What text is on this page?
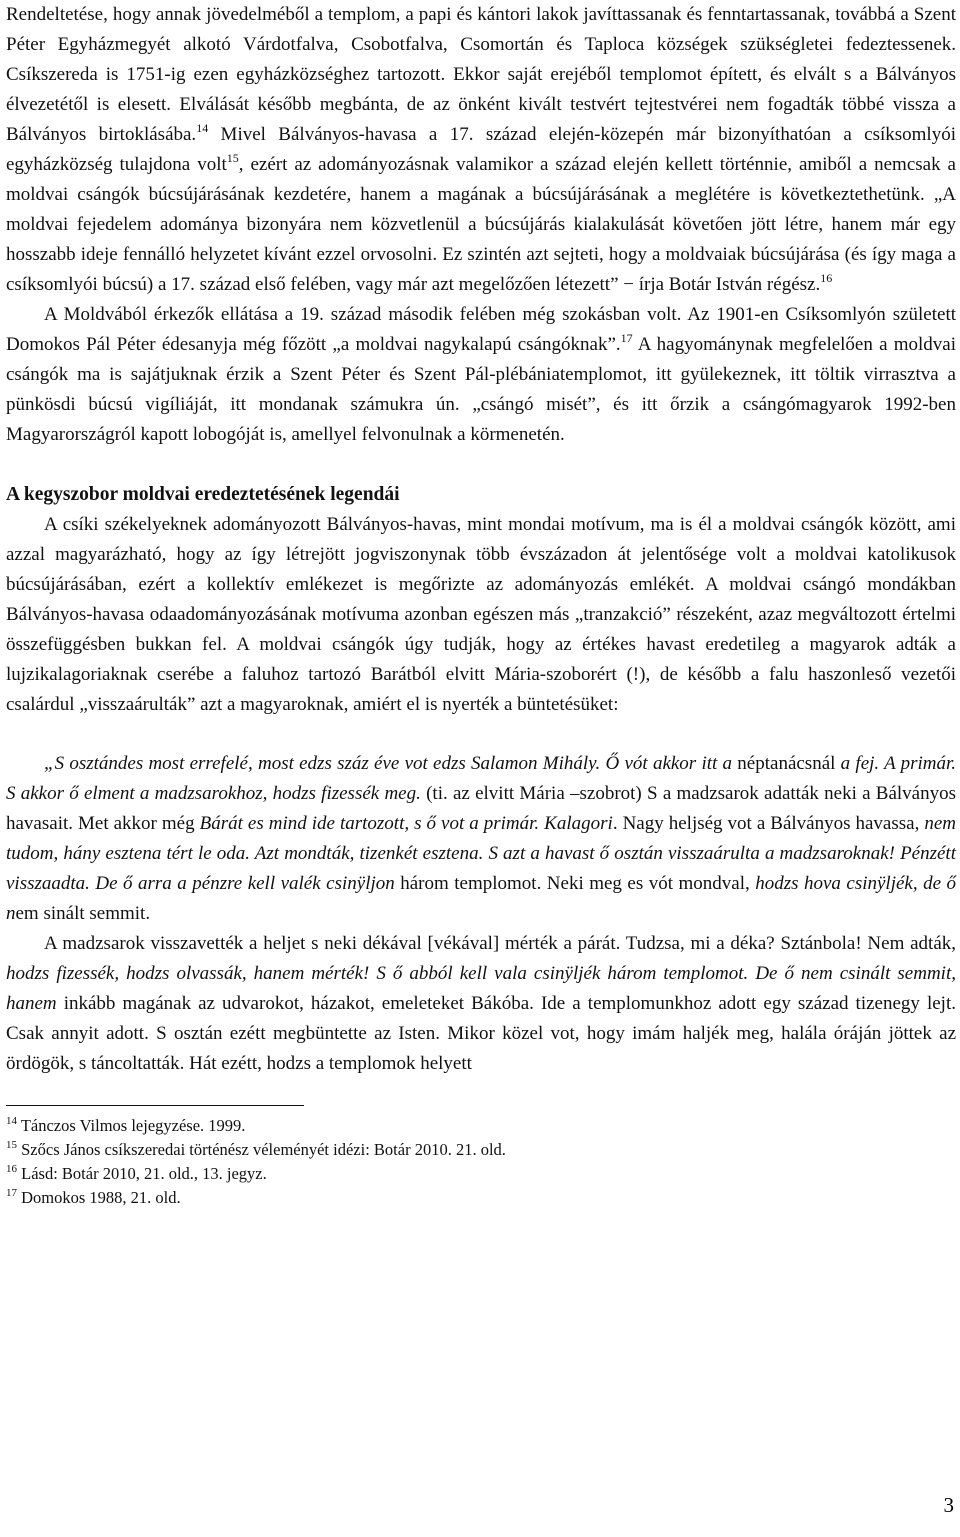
Rendeltetése, hogy annak jövedelméből a templom, a papi és kántori lakok javíttassanak és fenntartassanak, továbbá a Szent Péter Egyházmegyét alkotó Várdotfalva, Csobotfalva, Csomortán és Taploca községek szükségletei fedeztessenek. Csíkszereda is 1751-ig ezen egyházközséghez tartozott. Ekkor saját erejéből templomot épített, és elvált s a Bálványos élvezetétől is elesett. Elválását később megbánta, de az önként kivált testvért tejtestvérei nem fogadták többé vissza a Bálványos birtoklásába.$^{14}$ Mivel Bálványos-havasa a 17. század elején-közepén már bizonyíthatóan a csíksomlyói egyházközség tulajdona volt$^{15}$, ezért az adományozásnak valamikor a század elején kellett történnie, amiből a nemcsak a moldvai csángók búcsújárásának kezdetére, hanem a magának a búcsújárásának a meglétére is következtethetünk. „A moldvai fejedelem adománya bizonyára nem közvetlenül a búcsújárás kialakulását követően jött létre, hanem már egy hosszabb ideje fennálló helyzetet kívánt ezzel orvosolni. Ez szintén azt sejteti, hogy a moldvaiak búcsújárása (és így maga a csíksomlyói búcsú) a 17. század első felében, vagy már azt megelőzően létezett” − írja Botár István régész.$^{16}$

A Moldvából érkezők ellátása a 19. század második felében még szokásban volt. Az 1901-en Csíksomlyón született Domokos Pál Péter édesanyja még főzött „a moldvai nagykalapú csángóknak”.$^{17}$ A hagyománynak megfelelően a moldvai csángók ma is sajátjuknak érzik a Szent Péter és Szent Pál-plébániatemplomot, itt gyülekeznek, itt töltik virrasztva a pünkösdi búcsú vigíliáját, itt mondanak számukra ún. „csángó misét”, és itt őrzik a csángómagyarok 1992-ben Magyarországról kapott lobogóját is, amellyel felvonulnak a körmenetén.

A kegyszobor moldvai eredeztetésének legendái

A csíki székelyeknek adományozott Bálványos-havas, mint mondai motívum, ma is él a moldvai csángók között, ami azzal magyarázható, hogy az így létrejött jogviszonynak több évszázadon át jelentősége volt a moldvai katolikusok búcsújárásában, ezért a kollektív emlékezet is megőrizte az adományozás emlékét. A moldvai csángó mondákban Bálványos-havasa odaadományozásának motívuma azonban egészen más „tranzakció” részeként, azaz megváltozott értelmi összefüggésben bukkan fel. A moldvai csángók úgy tudják, hogy az értékes havast eredetileg a magyarok adták a lujzikalagoriaknak cserébe a faluhoz tartozó Barátból elvitt Mária-szoborért (!), de később a falu haszonleső vezetői csalárdul „visszaárulták” azt a magyaroknak, amiért el is nyerték a büntetésüket:

„S osztándes most errefelé, most edzs száz éve vot edzs Salamon Mihály. Ő vót akkor itt a néptanácsnál a fej. A primár. S akkor ő elment a madzsarokhoz, hodzs fizessék meg. (ti. az elvitt Mária –szobrot) S a madzsarok adatták neki a Bálványos havasait. Met akkor még Bárát es mind ide tartozott, s ő vot a primár. Kalagori. Nagy heljség vot a Bálványos havassa, nem tudom, hány esztena tért le oda. Azt mondták, tizenkét esztena. S azt a havast ő osztán visszaárulta a madzsaroknak! Pénzétt visszaadta. De ő arra a pénzre kell valék csinÿljon három templomot. Neki meg es vót mondval, hodzs hova csinÿljék, de ő nem sinált semmit.

A madzsarok visszavették a heljet s neki dékával [vékával] mérték a párát. Tudzsa, mi a déka? Sztánbola! Nem adták, hodzs fizessék, hodzs olvassák, hanem mérték! S ő abból kell vala csinÿljék három templomot. De ő nem csinált semmit, hanem inkább magának az udvarokot, házakot, emeleteket Bákóba. Ide a templomunkhoz adott egy század tizenegy lejt. Csak annyit adott. S osztán ezétt megbüntette az Isten. Mikor közel vot, hogy imám haljék meg, halála óráján jöttek az ördögök, s táncoltatták. Hát ezétt, hodzs a templomok helyett

$^{14}$ Tánczos Vilmos lejegyzése. 1999.

$^{15}$ Szőcs János csíkszeredai történész véleményét idézi: Botár 2010. 21. old.

$^{16}$ Lásd: Botár 2010, 21. old., 13. jegyz.

$^{17}$ Domokos 1988, 21. old.

3
